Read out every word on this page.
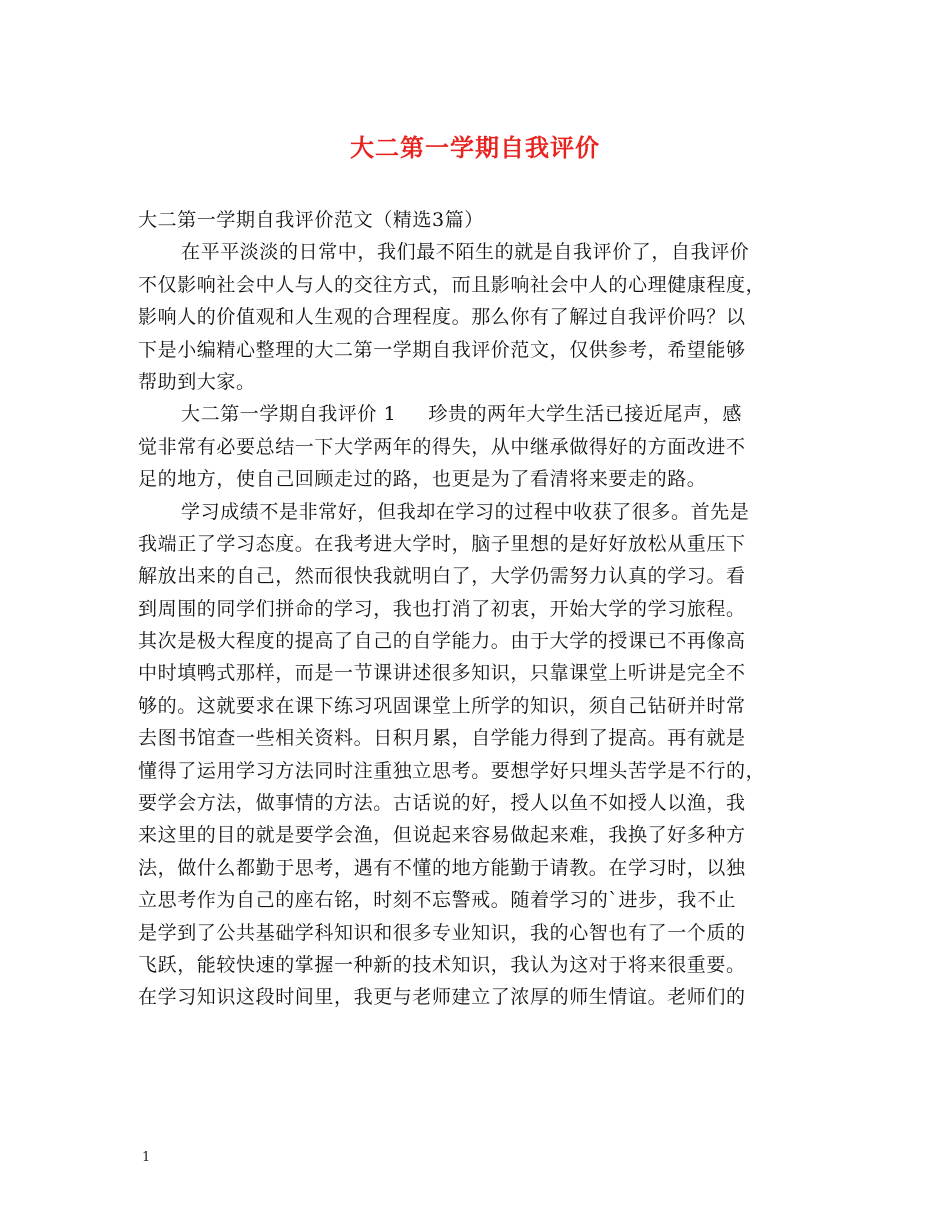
大二第一学期自我评价
大二第一学期自我评价范文（精选3篇）
在平平淡淡的日常中，我们最不陌生的就是自我评价了，自我评价
不仅影响社会中人与人的交往方式，而且影响社会中人的心理健康程度，
影响人的价值观和人生观的合理程度。那么你有了解过自我评价吗？以
下是小编精心整理的大二第一学期自我评价范文，仅供参考，希望能够
帮助到大家。
大二第一学期自我评价 1 珍贵的两年大学生活已接近尾声，感
觉非常有必要总结一下大学两年的得失，从中继承做得好的方面改进不
足的地方，使自己回顾走过的路，也更是为了看清将来要走的路。
学习成绩不是非常好，但我却在学习的过程中收获了很多。首先是
我端正了学习态度。在我考进大学时，脑子里想的是好好放松从重压下
解放出来的自己，然而很快我就明白了，大学仍需努力认真的学习。看
到周围的同学们拼命的学习，我也打消了初衷，开始大学的学习旅程。
其次是极大程度的提高了自己的自学能力。由于大学的授课已不再像高
中时填鸭式那样，而是一节课讲述很多知识，只靠课堂上听讲是完全不
够的。这就要求在课下练习巩固课堂上所学的知识，须自己钻研并时常
去图书馆查一些相关资料。日积月累，自学能力得到了提高。再有就是
懂得了运用学习方法同时注重独立思考。要想学好只埋头苦学是不行的，
要学会方法，做事情的方法。古话说的好，授人以鱼不如授人以渔，我
来这里的目的就是要学会渔，但说起来容易做起来难，我换了好多种方
法，做什么都勤于思考，遇有不懂的地方能勤于请教。在学习时，以独
立思考作为自己的座右铭，时刻不忘警戒。随着学习的`进步，我不止
是学到了公共基础学科知识和很多专业知识，我的心智也有了一个质的
飞跃，能较快速的掌握一种新的技术知识，我认为这对于将来很重要。
在学习知识这段时间里，我更与老师建立了浓厚的师生情谊。老师们的
1
